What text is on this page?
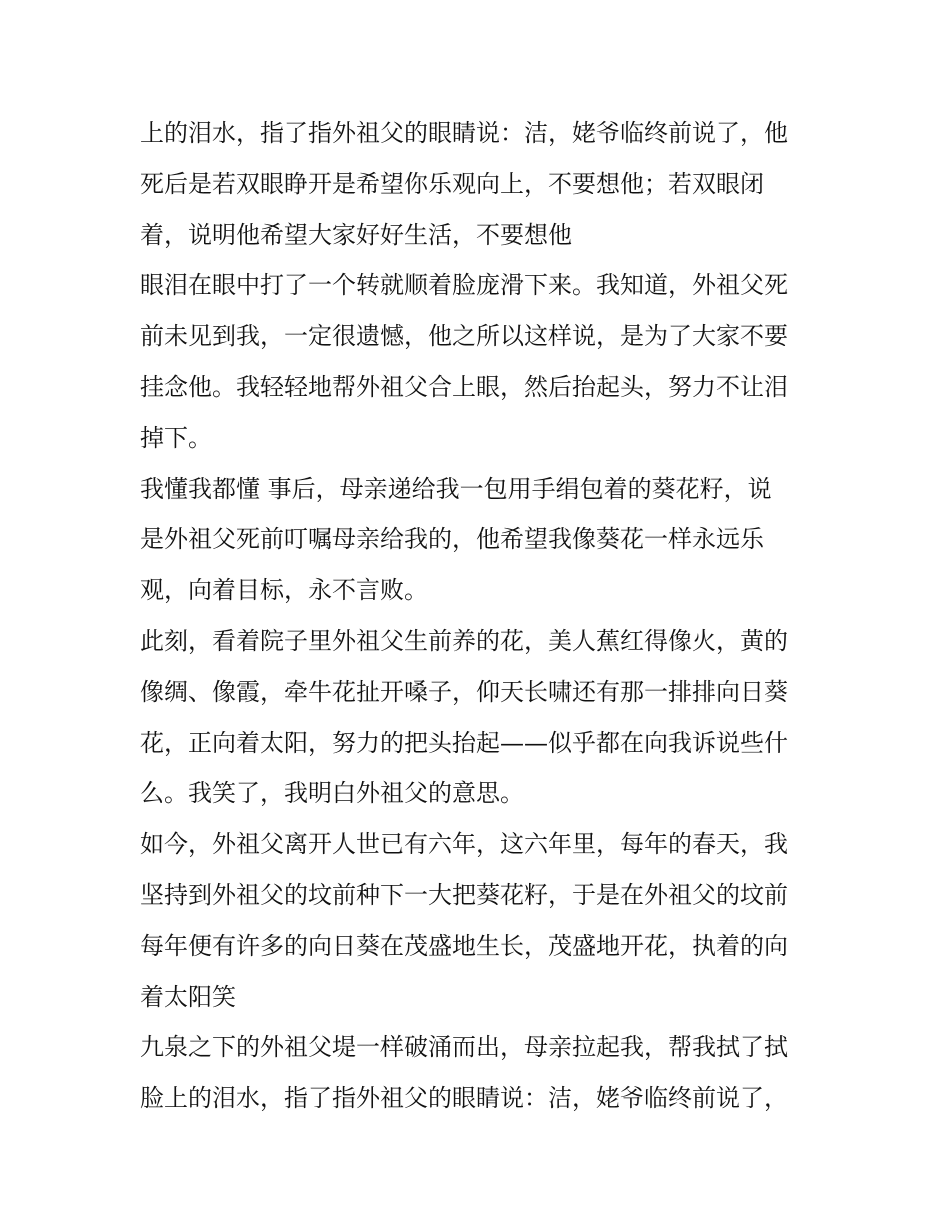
上的泪水，指了指外祖父的眼睛说：洁，姥爷临终前说了，他
死后是若双眼睁开是希望你乐观向上，不要想他；若双眼闭
着，说明他希望大家好好生活，不要想他
眼泪在眼中打了一个转就顺着脸庞滑下来。我知道，外祖父死
前未见到我，一定很遗憾，他之所以这样说，是为了大家不要
挂念他。我轻轻地帮外祖父合上眼，然后抬起头，努力不让泪
掉下。
我懂我都懂 事后，母亲递给我一包用手绢包着的葵花籽，说
是外祖父死前叮嘱母亲给我的，他希望我像葵花一样永远乐
观，向着目标，永不言败。
此刻，看着院子里外祖父生前养的花，美人蕉红得像火，黄的
像绸、像霞，牵牛花扯开嗓子，仰天长啸还有那一排排向日葵
花，正向着太阳，努力的把头抬起——似乎都在向我诉说些什
么。我笑了，我明白外祖父的意思。
如今，外祖父离开人世已有六年，这六年里，每年的春天，我
坚持到外祖父的坟前种下一大把葵花籽，于是在外祖父的坟前
每年便有许多的向日葵在茂盛地生长，茂盛地开花，执着的向
着太阳笑
九泉之下的外祖父堤一样破涌而出，母亲拉起我，帮我拭了拭
脸上的泪水，指了指外祖父的眼睛说：洁，姥爷临终前说了，
